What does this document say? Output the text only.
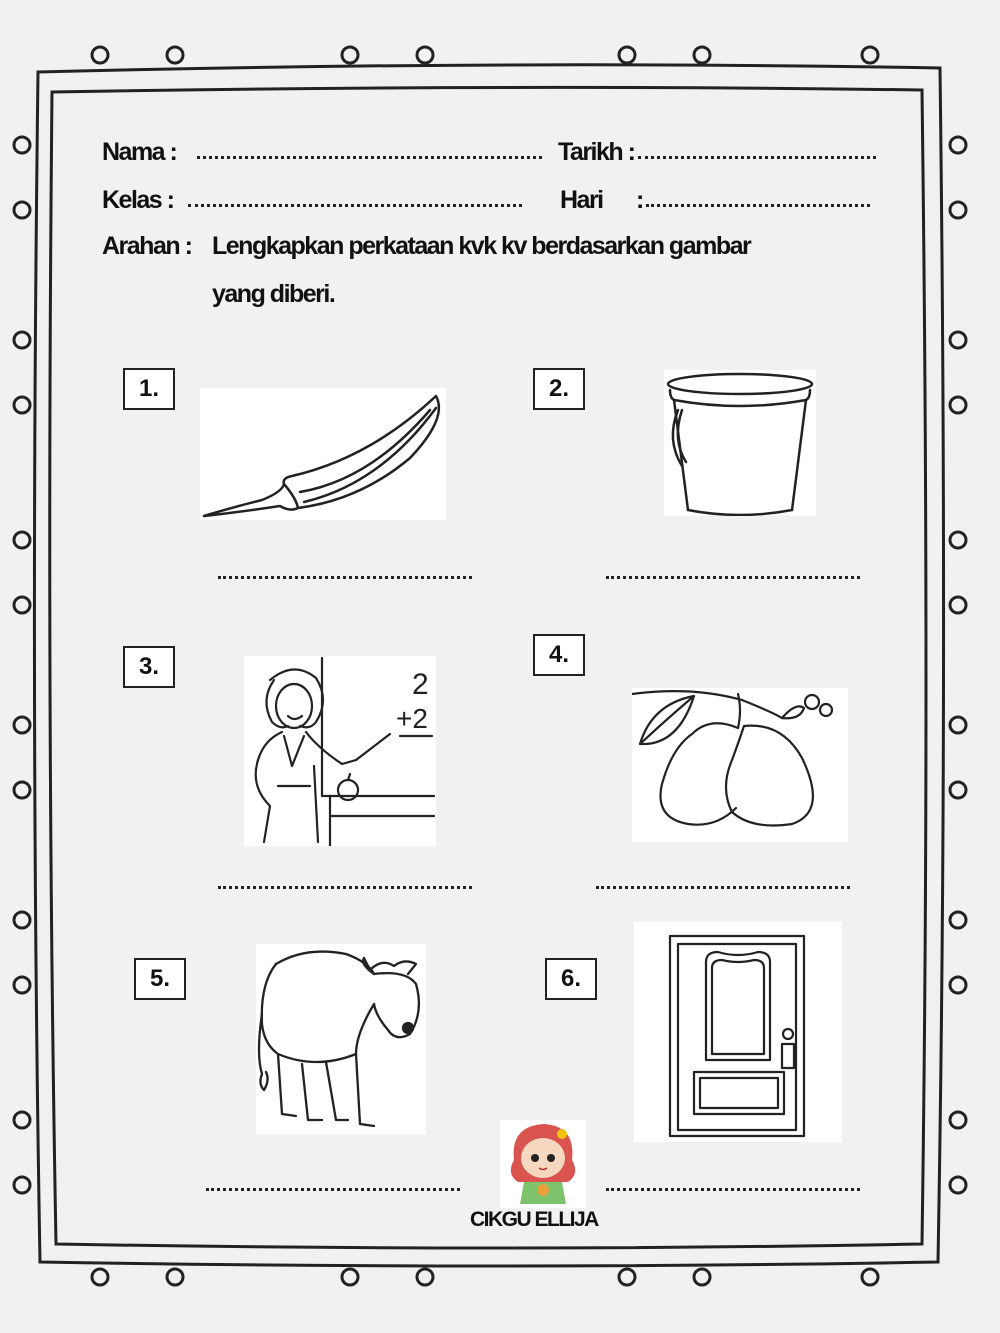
Nama :	Tarikh :
Kelas :	Hari :
Arahan : Lengkapkan perkataan kvk kv berdasarkan gambar
yang diberi.
1.	2.
3.
2
+2
4.
5.	6.
CIKGU ELLIJA
